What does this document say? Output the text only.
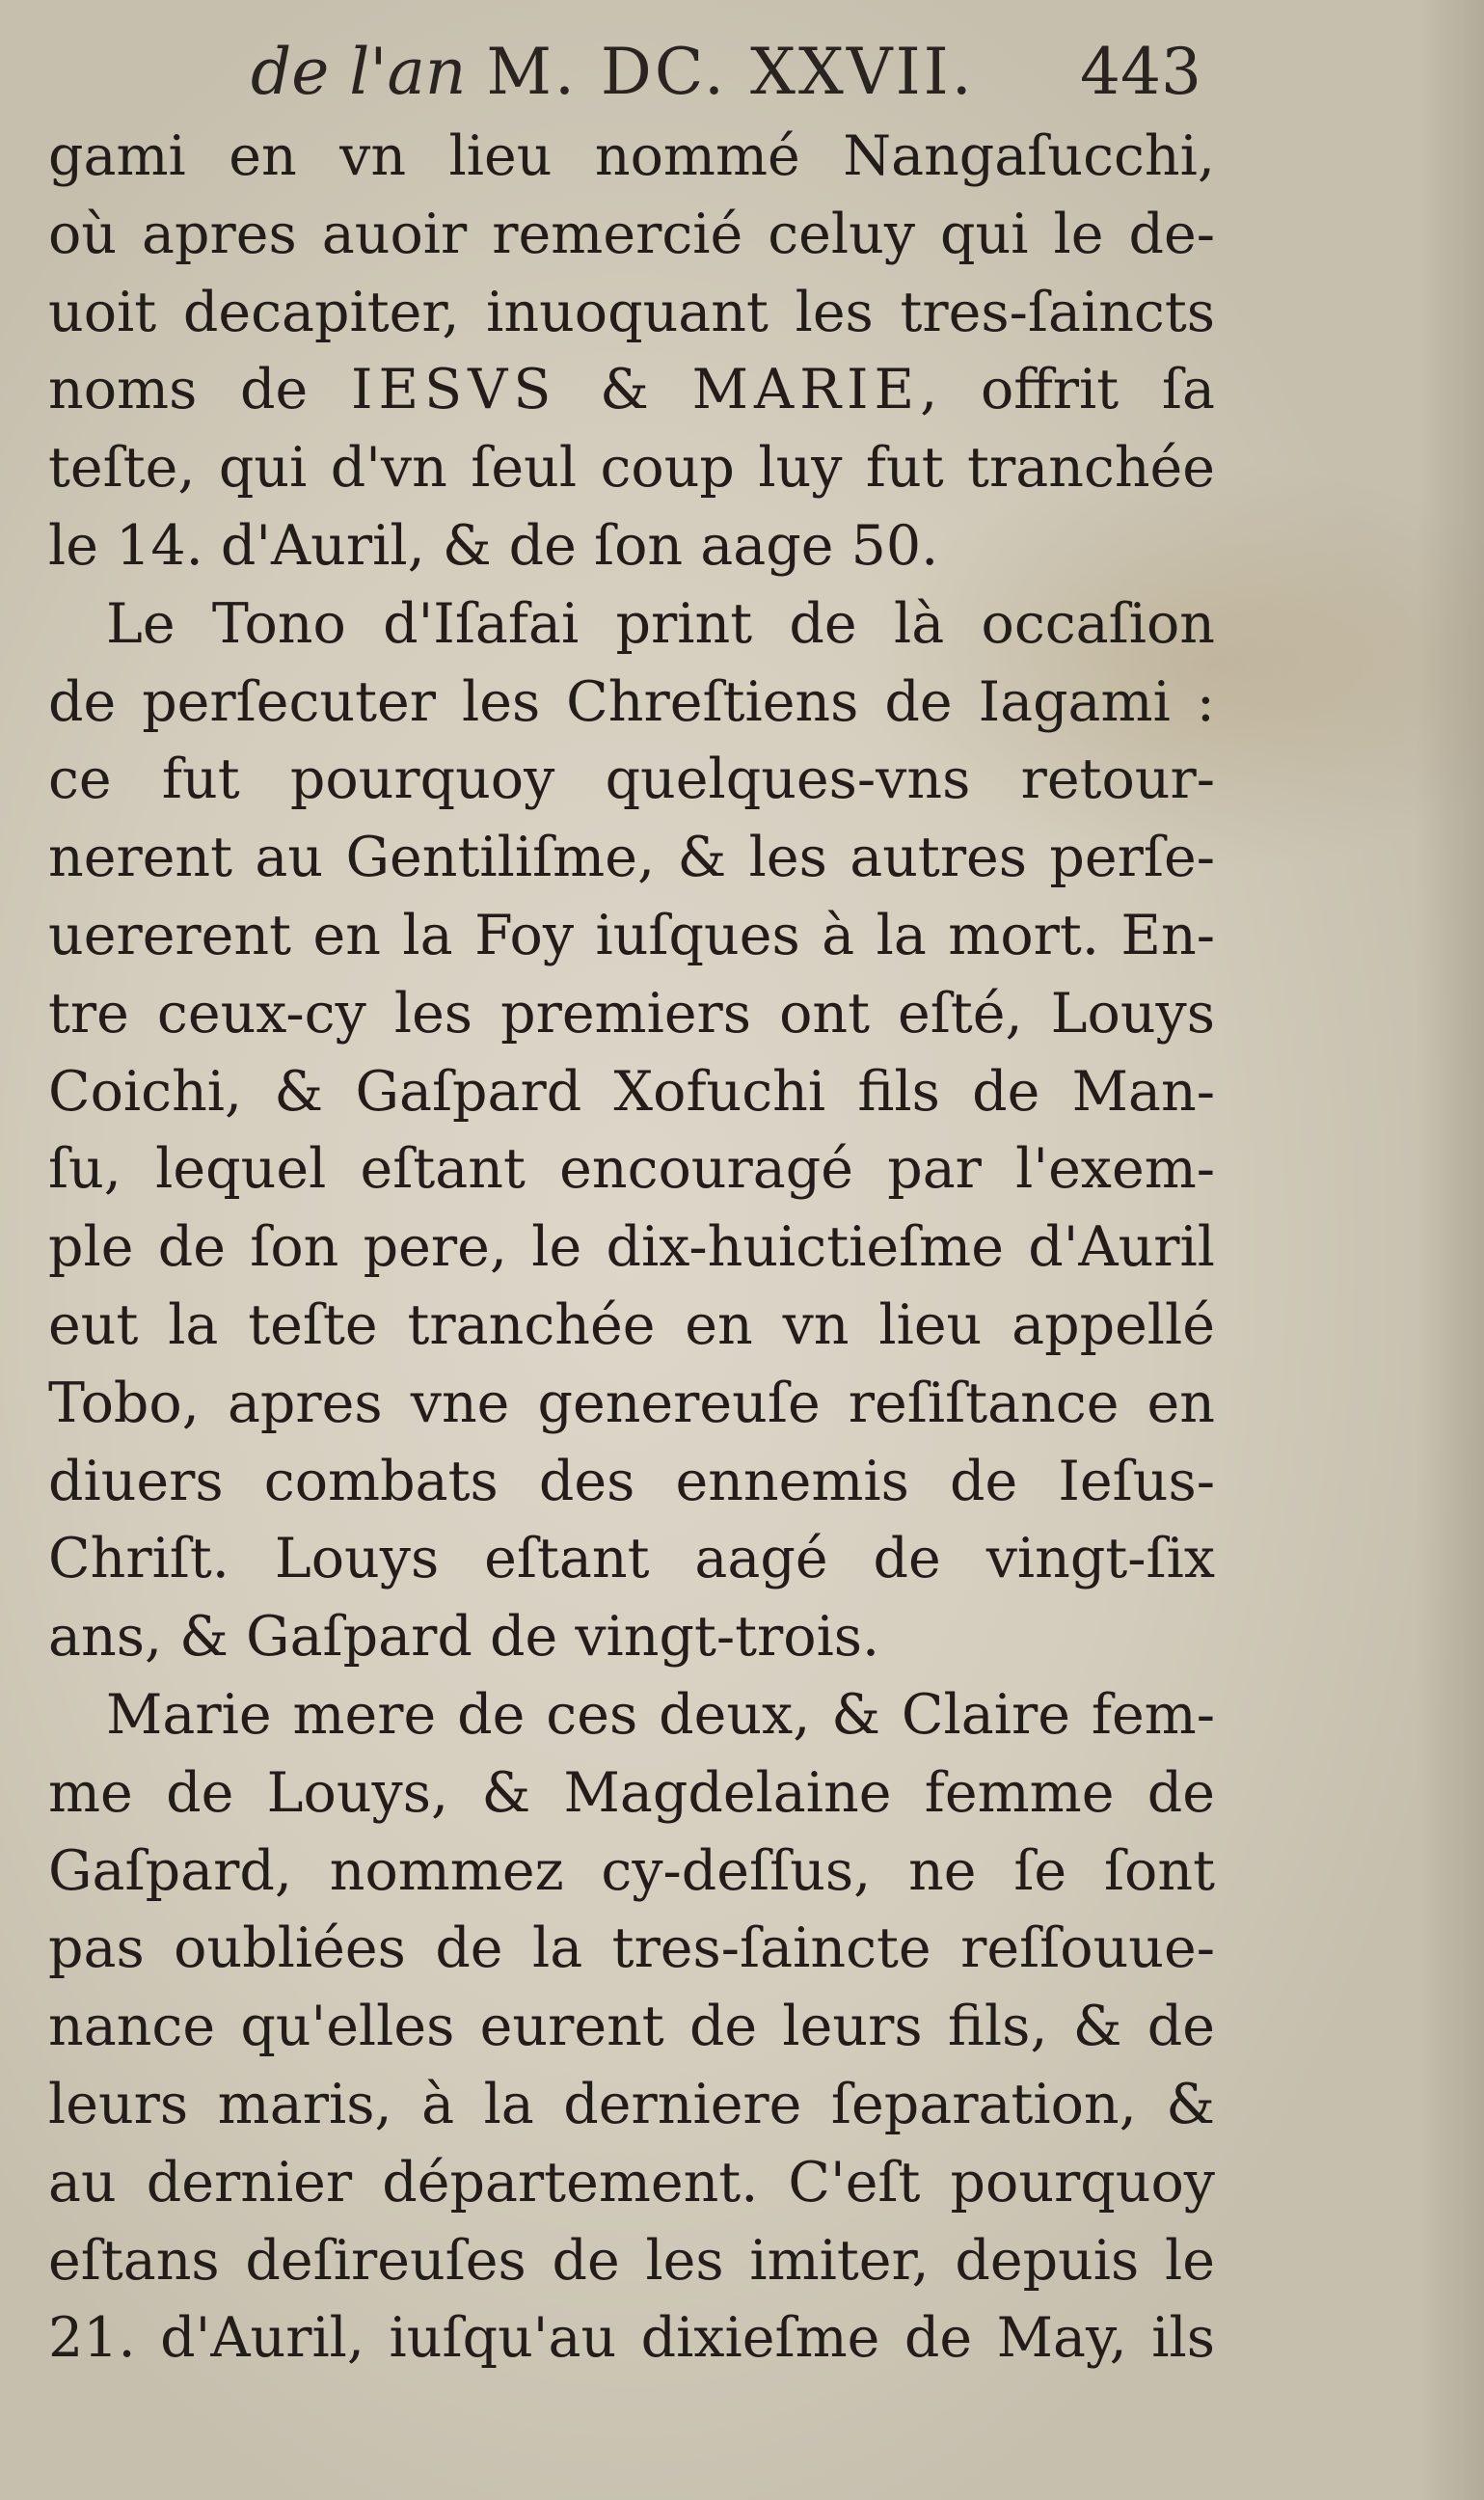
de l'an M. DC. XXVII.	443
gami en vn lieu nommé Nangaſucchi,
où apres auoir remercié celuy qui le de-
uoit decapiter, inuoquant les tres-ſaincts
noms de IESVS & MARIE, offrit ſa
teſte, qui d'vn ſeul coup luy fut tranchée
le 14. d'Auril, & de ſon aage 50.
Le Tono d'Iſafai print de là occaſion
de perſecuter les Chreſtiens de Iagami :
ce fut pourquoy quelques-vns retour-
nerent au Gentiliſme, & les autres perſe-
uererent en la Foy iuſques à la mort. En-
tre ceux-cy les premiers ont eſté, Louys
Coichi, & Gaſpard Xofuchi fils de Man-
ſu, lequel eſtant encouragé par l'exem-
ple de ſon pere, le dix-huictieſme d'Auril
eut la teſte tranchée en vn lieu appellé
Tobo, apres vne genereuſe reſiſtance en
diuers combats des ennemis de Ieſus-
Chriſt. Louys eſtant aagé de vingt-ſix
ans, & Gaſpard de vingt-trois.
Marie mere de ces deux, & Claire fem-
me de Louys, & Magdelaine femme de
Gaſpard, nommez cy-deſſus, ne ſe ſont
pas oubliées de la tres-ſaincte reſſouue-
nance qu'elles eurent de leurs fils, & de
leurs maris, à la derniere ſeparation, &
au dernier département. C'eſt pourquoy
eſtans deſireuſes de les imiter, depuis le
21. d'Auril, iuſqu'au dixieſme de May, ils
